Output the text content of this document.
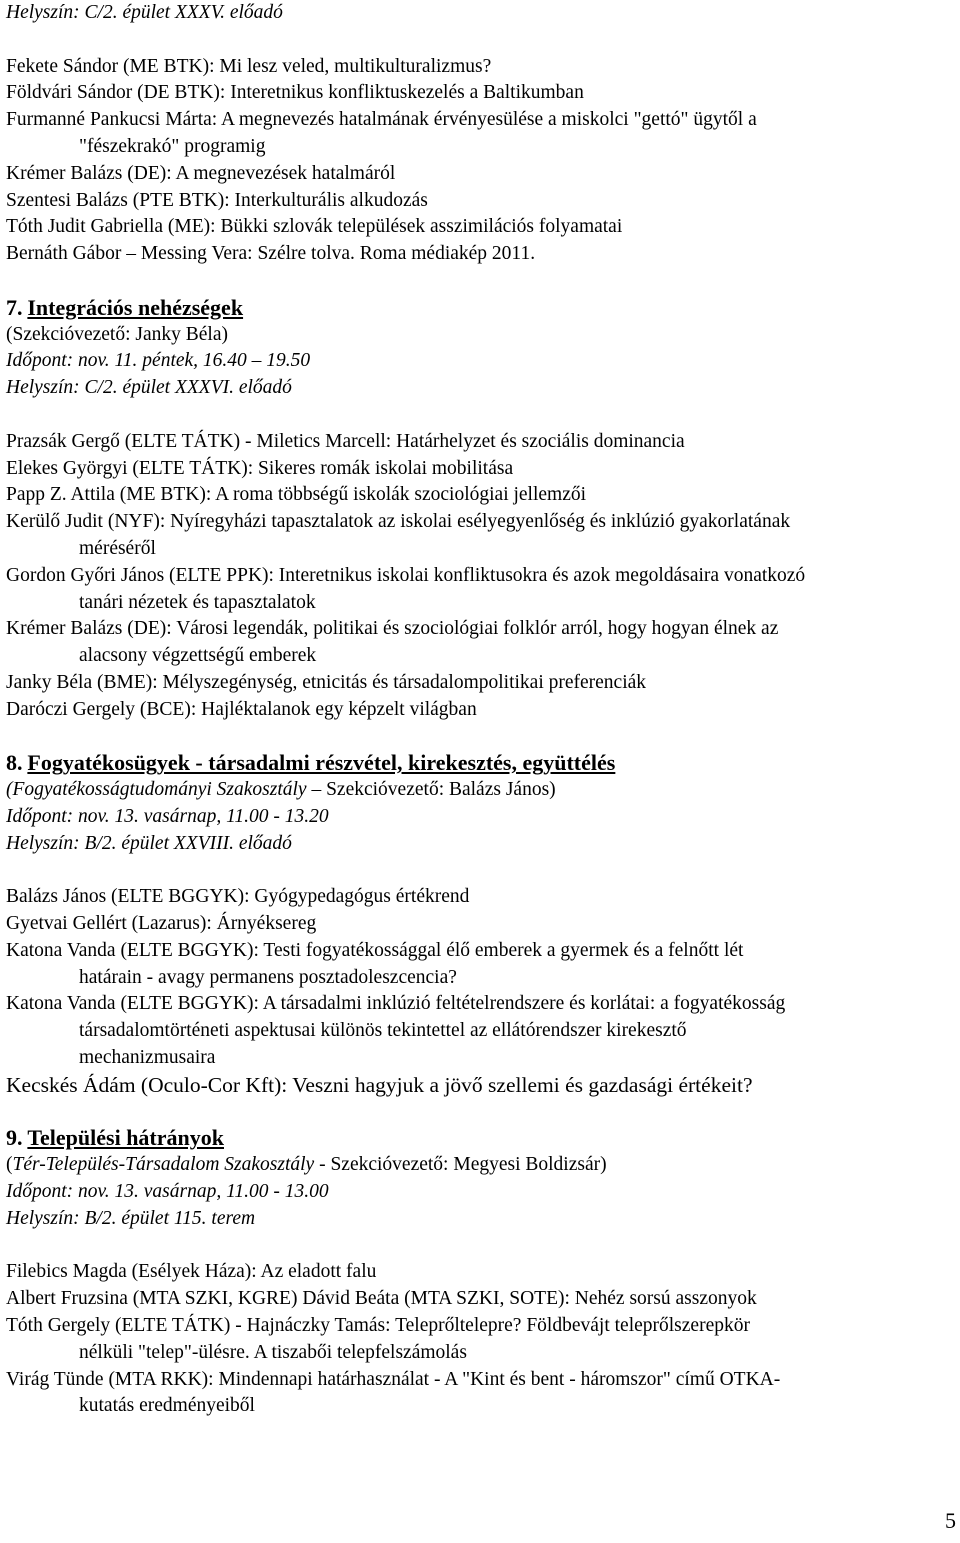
Helyszín: C/2. épület XXXV. előadó
Fekete Sándor (ME BTK): Mi lesz veled, multikulturalizmus?
Földvári Sándor (DE BTK): Interetnikus konfliktuskezelés a Baltikumban
Furmanné Pankucsi Márta: A megnevezés hatalmának érvényesülése a miskolci "gettó" ügytől a
"fészekrakó" programig
Krémer Balázs (DE): A megnevezések hatalmáról
Szentesi Balázs (PTE BTK): Interkulturális alkudozás
Tóth Judit Gabriella (ME): Bükki szlovák települések asszimilációs folyamatai
Bernáth Gábor – Messing Vera: Szélre tolva. Roma médiakép 2011.
7. Integrációs nehézségek
(Szekcióvezető: Janky Béla)
Időpont: nov. 11. péntek, 16.40 – 19.50
Helyszín: C/2. épület XXXVI. előadó
Prazsák Gergő (ELTE TÁTK) - Miletics Marcell: Határhelyzet és szociális dominancia
Elekes Györgyi (ELTE TÁTK): Sikeres romák iskolai mobilitása
Papp Z. Attila (ME BTK): A roma többségű iskolák szociológiai jellemzői
Kerülő Judit (NYF): Nyíregyházi tapasztalatok az iskolai esélyegyenlőség és inklúzió gyakorlatának
méréséről
Gordon Győri János (ELTE PPK): Interetnikus iskolai konfliktusokra és azok megoldásaira vonatkozó
tanári nézetek és tapasztalatok
Krémer Balázs (DE): Városi legendák, politikai és szociológiai folklór arról, hogy hogyan élnek az
alacsony végzettségű emberek
Janky Béla (BME): Mélyszegénység, etnicitás és társadalompolitikai preferenciák
Daróczi Gergely (BCE): Hajléktalanok egy képzelt világban
8. Fogyatékosügyek - társadalmi részvétel, kirekesztés, együttélés
(Fogyatékosságtudományi Szakosztály – Szekcióvezető: Balázs János)
Időpont: nov. 13. vasárnap, 11.00 - 13.20
Helyszín: B/2. épület XXVIII. előadó
Balázs János (ELTE BGGYK): Gyógypedagógus értékrend
Gyetvai Gellért (Lazarus): Árnyéksereg
Katona Vanda (ELTE BGGYK): Testi fogyatékossággal élő emberek a gyermek és a felnőtt lét
határain - avagy permanens posztadoleszcencia?
Katona Vanda (ELTE BGGYK): A társadalmi inklúzió feltételrendszere és korlátai: a fogyatékosság
társadalomtörténeti aspektusai különös tekintettel az ellátórendszer kirekesztő
mechanizmusaira
Kecskés Ádám (Oculo-Cor Kft): Veszni hagyjuk a jövő szellemi és gazdasági értékeit?
9. Települési hátrányok
(Tér-Település-Társadalom Szakosztály - Szekcióvezető: Megyesi Boldizsár)
Időpont: nov. 13. vasárnap, 11.00 - 13.00
Helyszín: B/2. épület 115. terem
Filebics Magda (Esélyek Háza): Az eladott falu
Albert Fruzsina (MTA SZKI, KGRE) Dávid Beáta (MTA SZKI, SOTE): Nehéz sorsú asszonyok
Tóth Gergely (ELTE TÁTK) - Hajnáczky Tamás: Teleprőltelepre? Földbevájt teleprőlszerepkör
nélküli "telep"-ülésre. A tiszabői telepfelszámolás
Virág Tünde (MTA RKK): Mindennapi határhasználat - A "Kint és bent - háromszor" című OTKA-
kutatás eredményeiből
5
